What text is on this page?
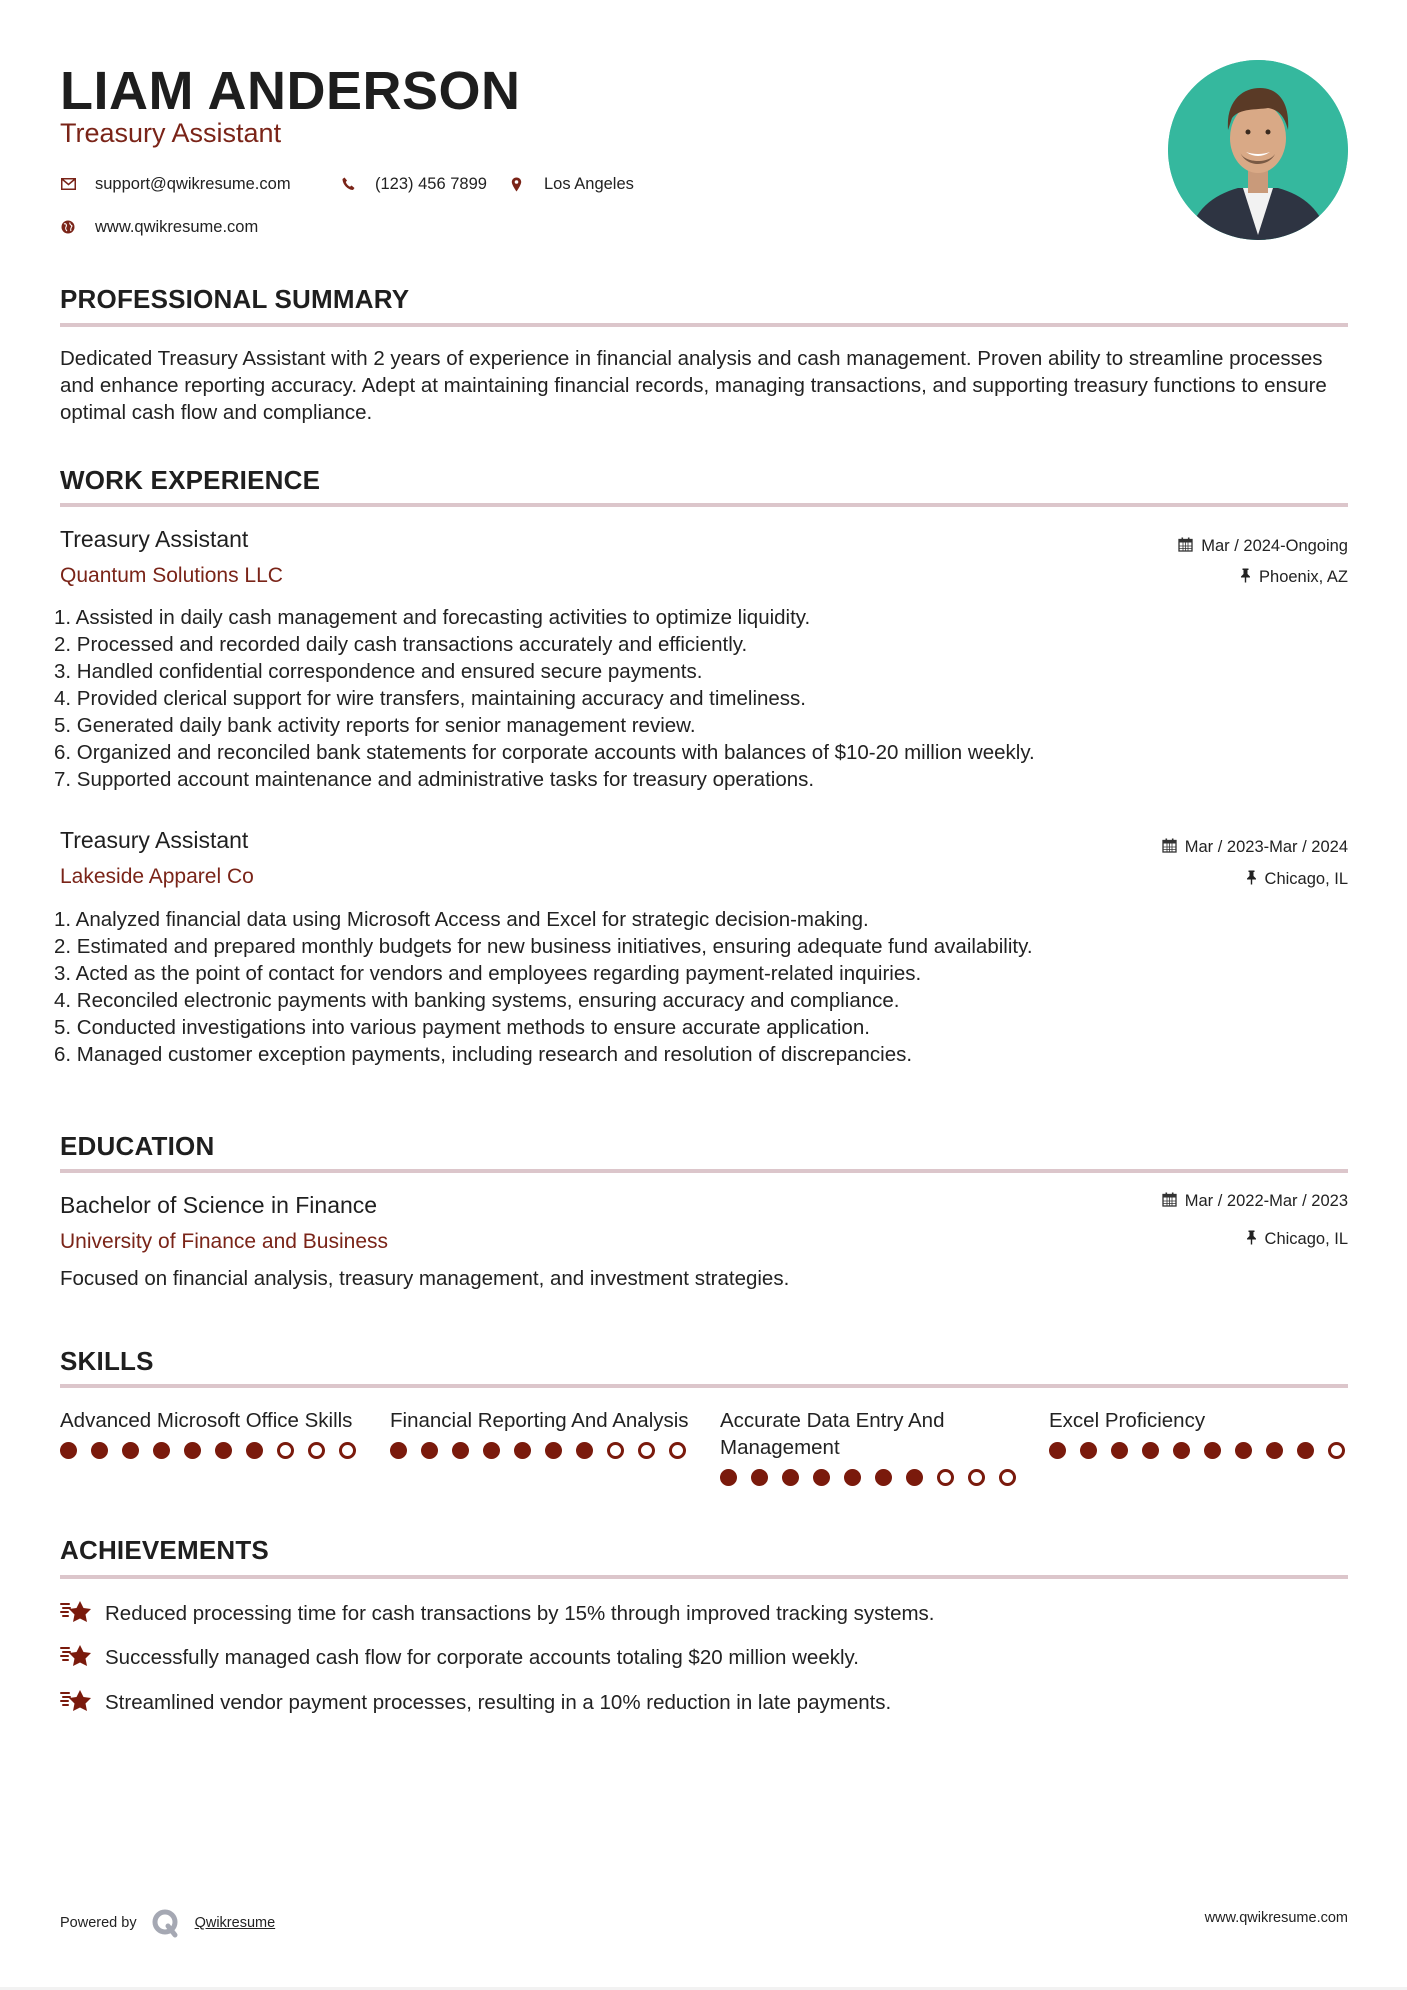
LIAM ANDERSON
Treasury Assistant
support@qwikresume.com	(123) 456 7899	Los Angeles
www.qwikresume.com
PROFESSIONAL SUMMARY
Dedicated Treasury Assistant with 2 years of experience in financial analysis and cash management. Proven ability to streamline processes and enhance reporting accuracy. Adept at maintaining financial records, managing transactions, and supporting treasury functions to ensure optimal cash flow and compliance.
WORK EXPERIENCE
Treasury Assistant
Quantum Solutions LLC
Mar / 2024-Ongoing
Phoenix, AZ
1. Assisted in daily cash management and forecasting activities to optimize liquidity.
2. Processed and recorded daily cash transactions accurately and efficiently.
3. Handled confidential correspondence and ensured secure payments.
4. Provided clerical support for wire transfers, maintaining accuracy and timeliness.
5. Generated daily bank activity reports for senior management review.
6. Organized and reconciled bank statements for corporate accounts with balances of $10-20 million weekly.
7. Supported account maintenance and administrative tasks for treasury operations.
Treasury Assistant
Lakeside Apparel Co
Mar / 2023-Mar / 2024
Chicago, IL
1. Analyzed financial data using Microsoft Access and Excel for strategic decision-making.
2. Estimated and prepared monthly budgets for new business initiatives, ensuring adequate fund availability.
3. Acted as the point of contact for vendors and employees regarding payment-related inquiries.
4. Reconciled electronic payments with banking systems, ensuring accuracy and compliance.
5. Conducted investigations into various payment methods to ensure accurate application.
6. Managed customer exception payments, including research and resolution of discrepancies.
EDUCATION
Bachelor of Science in Finance
University of Finance and Business
Mar / 2022-Mar / 2023
Chicago, IL
Focused on financial analysis, treasury management, and investment strategies.
SKILLS
Advanced Microsoft Office Skills	Financial Reporting And Analysis Accurate Data Entry And Management
Excel Proficiency
ACHIEVEMENTS
Reduced processing time for cash transactions by 15% through improved tracking systems.
Successfully managed cash flow for corporate accounts totaling $20 million weekly.
Streamlined vendor payment processes, resulting in a 10% reduction in late payments.
Powered by	Qwikresume	www.qwikresume.com
